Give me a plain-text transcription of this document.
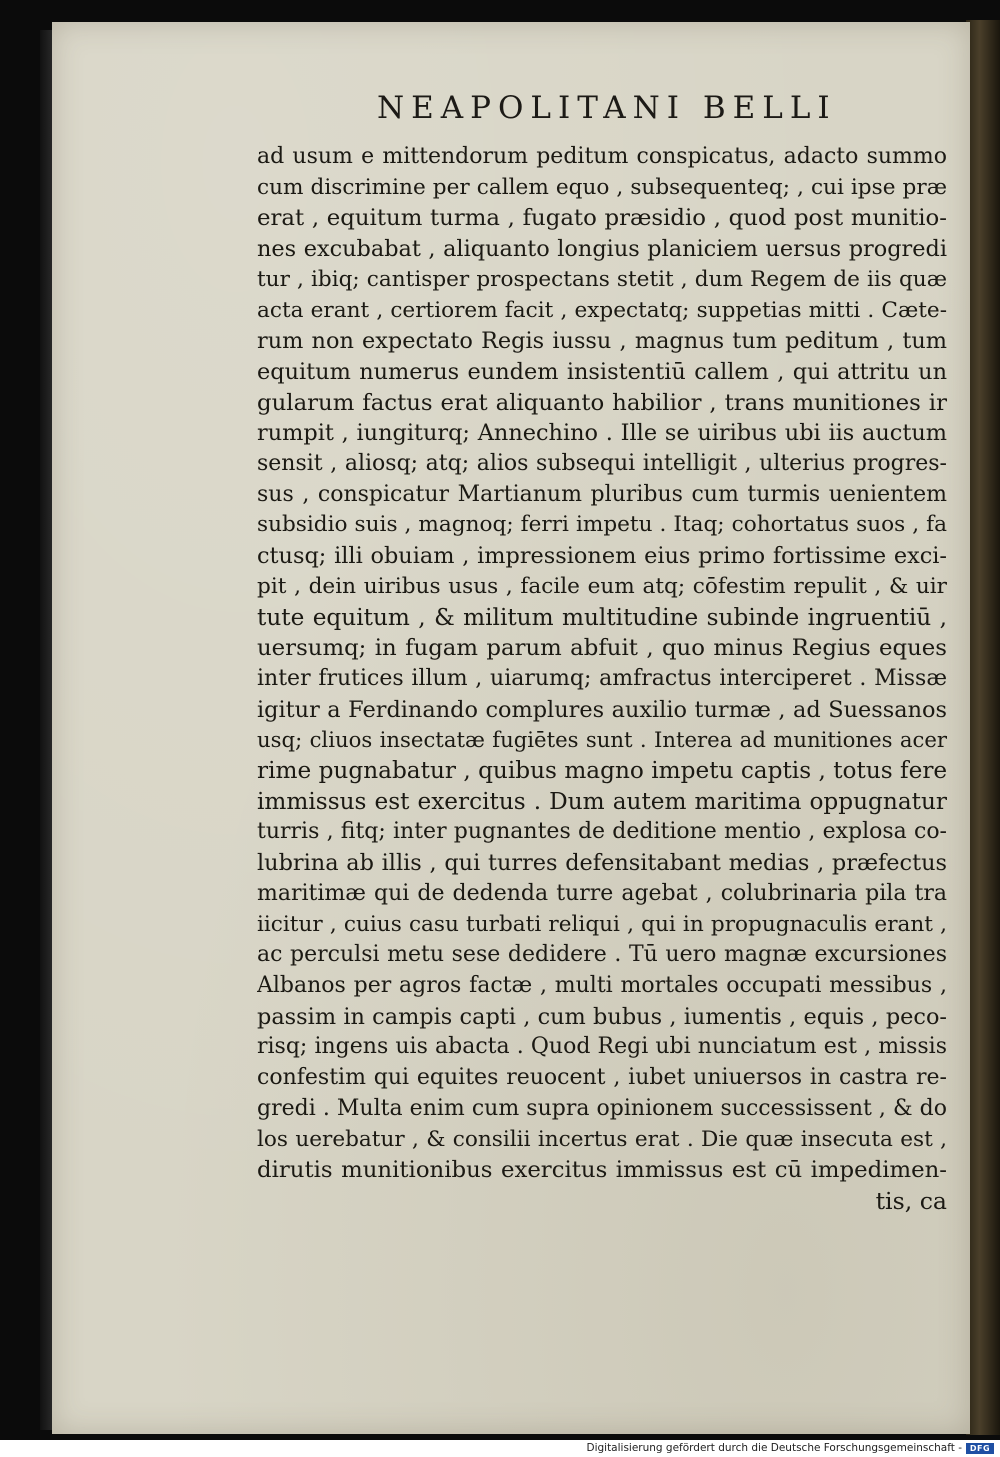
NEAPOLITANI BELLI
ad usum e mittendorum peditum conspicatus, adacto summo
cum discrimine per callem equo , subsequenteq; , cui ipse præ
erat , equitum turma , fugato præsidio , quod post munitio-
nes excubabat , aliquanto longius planiciem uersus progredi
tur , ibiq; cantisper prospectans stetit , dum Regem de iis quæ
acta erant , certiorem facit , expectatq; suppetias mitti . Cæte-
rum non expectato Regis iussu , magnus tum peditum , tum
equitum numerus eundem insistentiū callem , qui attritu un
gularum factus erat aliquanto habilior , trans munitiones ir
rumpit , iungiturq; Annechino . Ille se uiribus ubi iis auctum
sensit , aliosq; atq; alios subsequi intelligit , ulterius progres-
sus , conspicatur Martianum pluribus cum turmis uenientem
subsidio suis , magnoq; ferri impetu . Itaq; cohortatus suos , fa
ctusq; illi obuiam , impressionem eius primo fortissime exci-
pit , dein uiribus usus , facile eum atq; cōfestim repulit , & uir
tute equitum , & militum multitudine subinde ingruentiū ,
uersumq; in fugam parum abfuit , quo minus Regius eques
inter frutices illum , uiarumq; amfractus interciperet . Missæ
igitur a Ferdinando complures auxilio turmæ , ad Suessanos
usq; cliuos insectatæ fugiētes sunt . Interea ad munitiones acer
rime pugnabatur , quibus magno impetu captis , totus fere
immissus est exercitus . Dum autem maritima oppugnatur
turris , fitq; inter pugnantes de deditione mentio , explosa co-
lubrina ab illis , qui turres defensitabant medias , præfectus
maritimæ qui de dedenda turre agebat , colubrinaria pila tra
iicitur , cuius casu turbati reliqui , qui in propugnaculis erant ,
ac perculsi metu sese dedidere . Tū uero magnæ excursiones
Albanos per agros factæ , multi mortales occupati messibus ,
passim in campis capti , cum bubus , iumentis , equis , peco-
risq; ingens uis abacta . Quod Regi ubi nunciatum est , missis
confestim qui equites reuocent , iubet uniuersos in castra re-
gredi . Multa enim cum supra opinionem successissent , & do
los uerebatur , & consilii incertus erat . Die quæ insecuta est ,
dirutis munitionibus exercitus immissus est cū impedimen-
tis, ca
Digitalisierung gefördert durch die Deutsche Forschungsgemeinschaft - DFG
